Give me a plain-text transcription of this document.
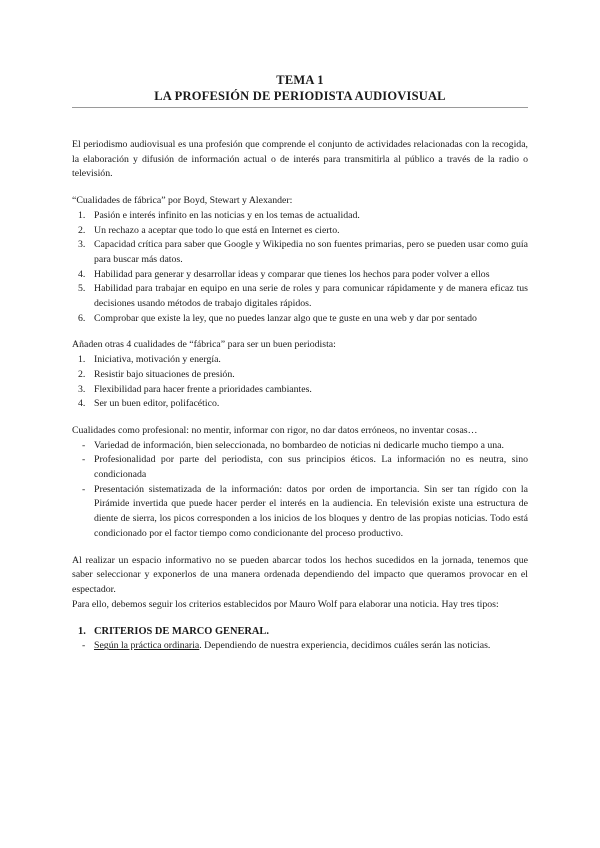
TEMA 1
LA PROFESIÓN DE PERIODISTA AUDIOVISUAL

El periodismo audiovisual es una profesión que comprende el conjunto de actividades relacionadas con la recogida, la elaboración y difusión de información actual o de interés para transmitirla al público a través de la radio o televisión.

“Cualidades de fábrica” por Boyd, Stewart y Alexander:

1. Pasión e interés infinito en las noticias y en los temas de actualidad.
2. Un rechazo a aceptar que todo lo que está en Internet es cierto.
3. Capacidad crítica para saber que Google y Wikipedia no son fuentes primarias, pero se pueden usar como guía para buscar más datos.
4. Habilidad para generar y desarrollar ideas y comparar que tienes los hechos para poder volver a ellos
5. Habilidad para trabajar en equipo en una serie de roles y para comunicar rápidamente y de manera eficaz tus decisiones usando métodos de trabajo digitales rápidos.
6. Comprobar que existe la ley, que no puedes lanzar algo que te guste en una web y dar por sentado

Añaden otras 4 cualidades de “fábrica” para ser un buen periodista:

1. Iniciativa, motivación y energía.
2. Resistir bajo situaciones de presión.
3. Flexibilidad para hacer frente a prioridades cambiantes.
4. Ser un buen editor, polifacético.

Cualidades como profesional: no mentir, informar con rigor, no dar datos erróneos, no inventar cosas…

- Variedad de información, bien seleccionada, no bombardeo de noticias ni dedicarle mucho tiempo a una.
- Profesionalidad por parte del periodista, con sus principios éticos. La información no es neutra, sino condicionada
- Presentación sistematizada de la información: datos por orden de importancia. Sin ser tan rígido con la Pirámide invertida que puede hacer perder el interés en la audiencia. En televisión existe una estructura de diente de sierra, los picos corresponden a los inicios de los bloques y dentro de las propias noticias. Todo está condicionado por el factor tiempo como condicionante del proceso productivo.

Al realizar un espacio informativo no se pueden abarcar todos los hechos sucedidos en la jornada, tenemos que saber seleccionar y exponerlos de una manera ordenada dependiendo del impacto que queramos provocar en el espectador.

Para ello, debemos seguir los criterios establecidos por Mauro Wolf para elaborar una noticia. Hay tres tipos:

1. CRITERIOS DE MARCO GENERAL.
- Según la práctica ordinaria. Dependiendo de nuestra experiencia, decidimos cuáles serán las noticias.
